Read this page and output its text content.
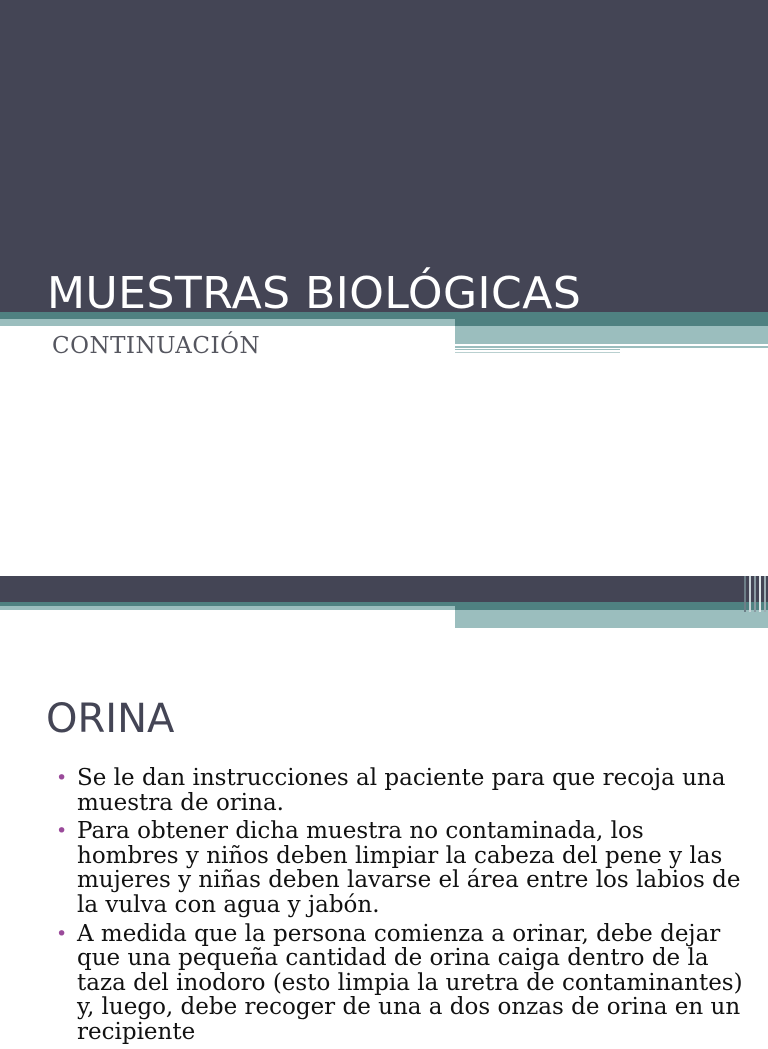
MUESTRAS BIOLÓGICAS
CONTINUACIÓN
ORINA
• Se le dan instrucciones al paciente para que recoja una muestra de orina.
• Para obtener dicha muestra no contaminada, los hombres y niños deben limpiar la cabeza del pene y las mujeres y niñas deben lavarse el área entre los labios de la vulva con agua y jabón.
• A medida que la persona comienza a orinar, debe dejar que una pequeña cantidad de orina caiga dentro de la taza del inodoro (esto limpia la uretra de contaminantes) y, luego, debe recoger de una a dos onzas de orina en un recipiente
